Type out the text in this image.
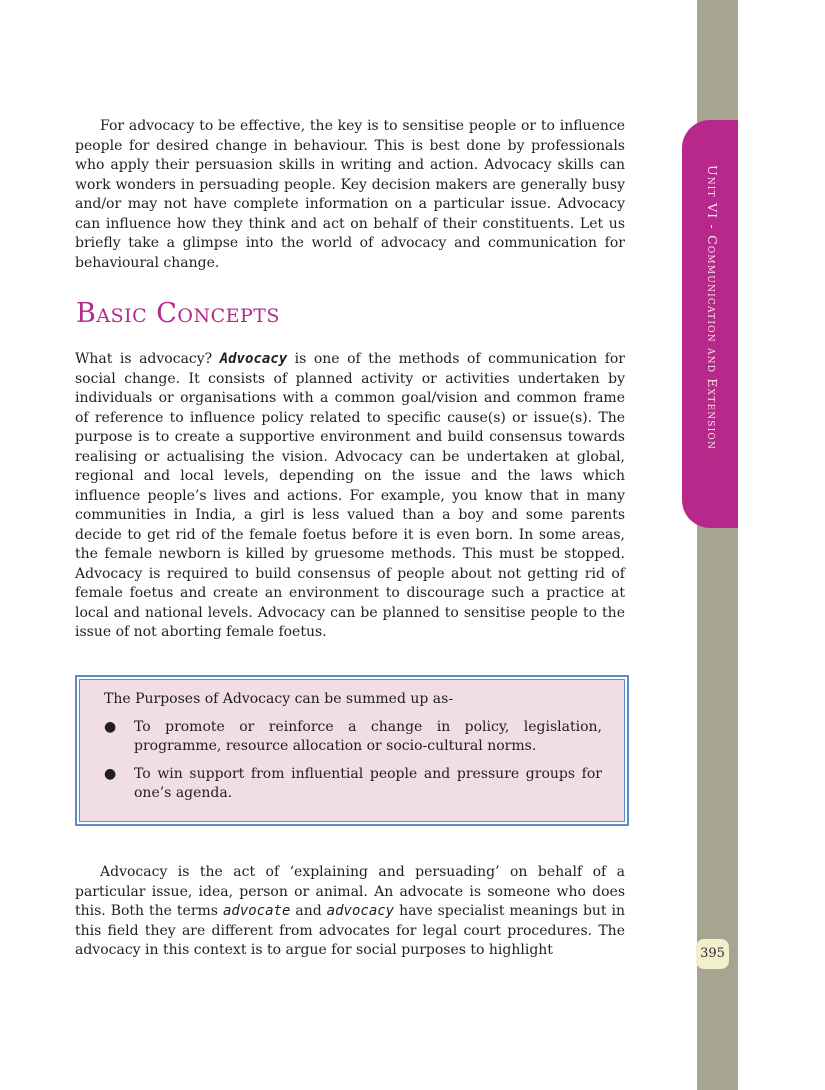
Unit VI - Communication and Extension
395

For advocacy to be effective, the key is to sensitise people or to influence people for desired change in behaviour. This is best done by professionals who apply their persuasion skills in writing and action. Advocacy skills can work wonders in persuading people. Key decision makers are generally busy and/or may not have complete information on a particular issue. Advocacy can influence how they think and act on behalf of their constituents. Let us briefly take a glimpse into the world of advocacy and communication for behavioural change.

Basic Concepts

What is advocacy? Advocacy is one of the methods of communication for social change. It consists of planned activity or activities undertaken by individuals or organisations with a common goal/vision and common frame of reference to influence policy related to specific cause(s) or issue(s). The purpose is to create a supportive environment and build consensus towards realising or actualising the vision. Advocacy can be undertaken at global, regional and local levels, depending on the issue and the laws which influence people’s lives and actions. For example, you know that in many communities in India, a girl is less valued than a boy and some parents decide to get rid of the female foetus before it is even born. In some areas, the female newborn is killed by gruesome methods. This must be stopped. Advocacy is required to build consensus of people about not getting rid of female foetus and create an environment to discourage such a practice at local and national levels. Advocacy can be planned to sensitise people to the issue of not aborting female foetus.

The Purposes of Advocacy can be summed up as-

● To promote or reinforce a change in policy, legislation, programme, resource allocation or socio-cultural norms.
● To win support from influential people and pressure groups for one’s agenda.

Advocacy is the act of ‘explaining and persuading’ on behalf of a particular issue, idea, person or animal. An advocate is someone who does this. Both the terms advocate and advocacy have specialist meanings but in this field they are different from advocates for legal court procedures. The advocacy in this context is to argue for social purposes to highlight
